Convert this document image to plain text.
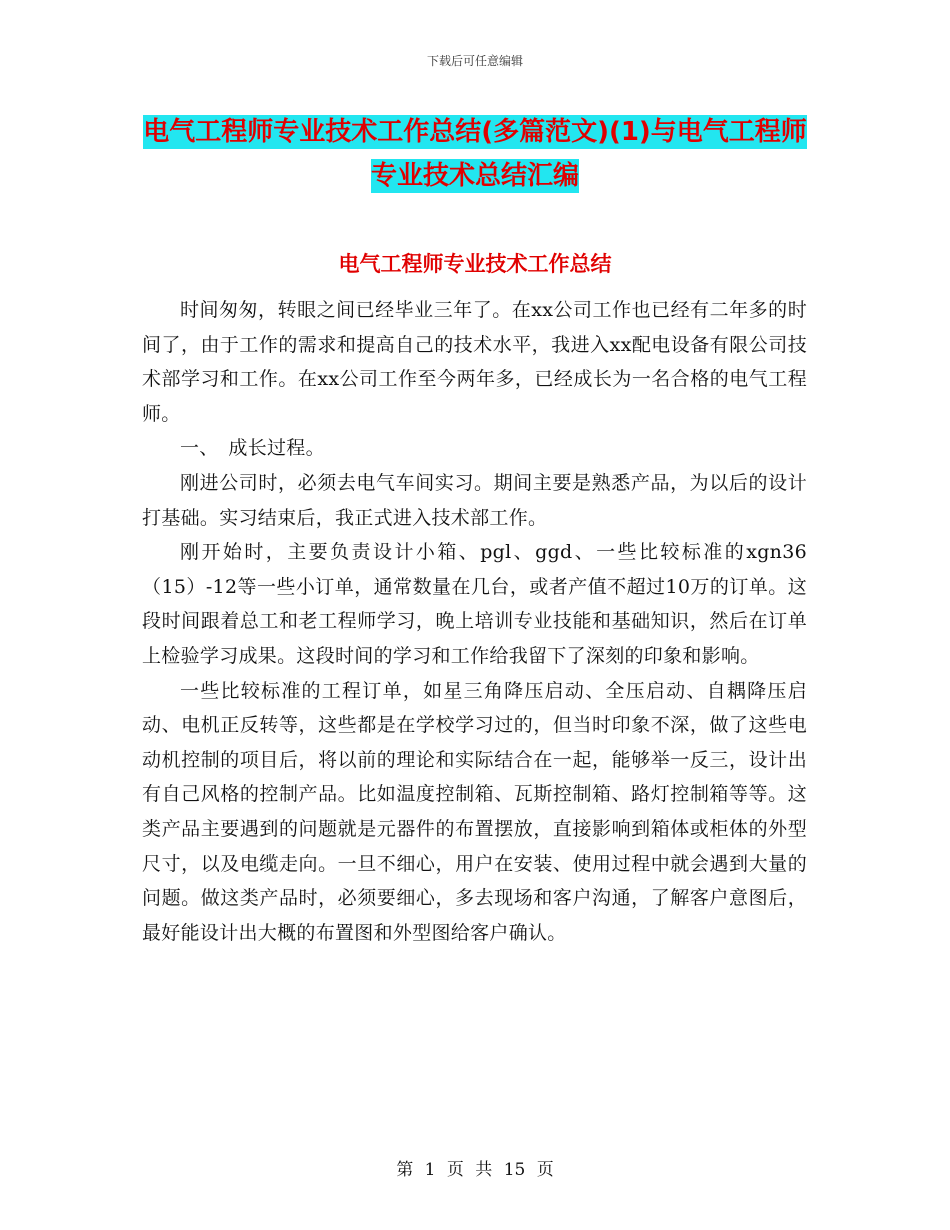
下载后可任意编辑
电气工程师专业技术工作总结(多篇范文)(1)与电气工程师专业技术总结汇编
电气工程师专业技术工作总结

时间匆匆，转眼之间已经毕业三年了。在xx公司工作也已经有二年多的时间了，由于工作的需求和提高自己的技术水平，我进入xx配电设备有限公司技术部学习和工作。在xx公司工作至今两年多，已经成长为一名合格的电气工程师。

一、　成长过程。

刚进公司时，必须去电气车间实习。期间主要是熟悉产品，为以后的设计打基础。实习结束后，我正式进入技术部工作。

刚开始时，主要负责设计小箱、pgl、ggd、一些比较标准的xgn36（15）-12等一些小订单，通常数量在几台，或者产值不超过10万的订单。这段时间跟着总工和老工程师学习，晚上培训专业技能和基础知识，然后在订单上检验学习成果。这段时间的学习和工作给我留下了深刻的印象和影响。

一些比较标准的工程订单，如星三角降压启动、全压启动、自耦降压启动、电机正反转等，这些都是在学校学习过的，但当时印象不深，做了这些电动机控制的项目后，将以前的理论和实际结合在一起，能够举一反三，设计出有自己风格的控制产品。比如温度控制箱、瓦斯控制箱、路灯控制箱等等。这类产品主要遇到的问题就是元器件的布置摆放，直接影响到箱体或柜体的外型尺寸，以及电缆走向。一旦不细心，用户在安装、使用过程中就会遇到大量的问题。做这类产品时，必须要细心，多去现场和客户沟通，了解客户意图后，最好能设计出大概的布置图和外型图给客户确认。

第 1 页 共 15 页
